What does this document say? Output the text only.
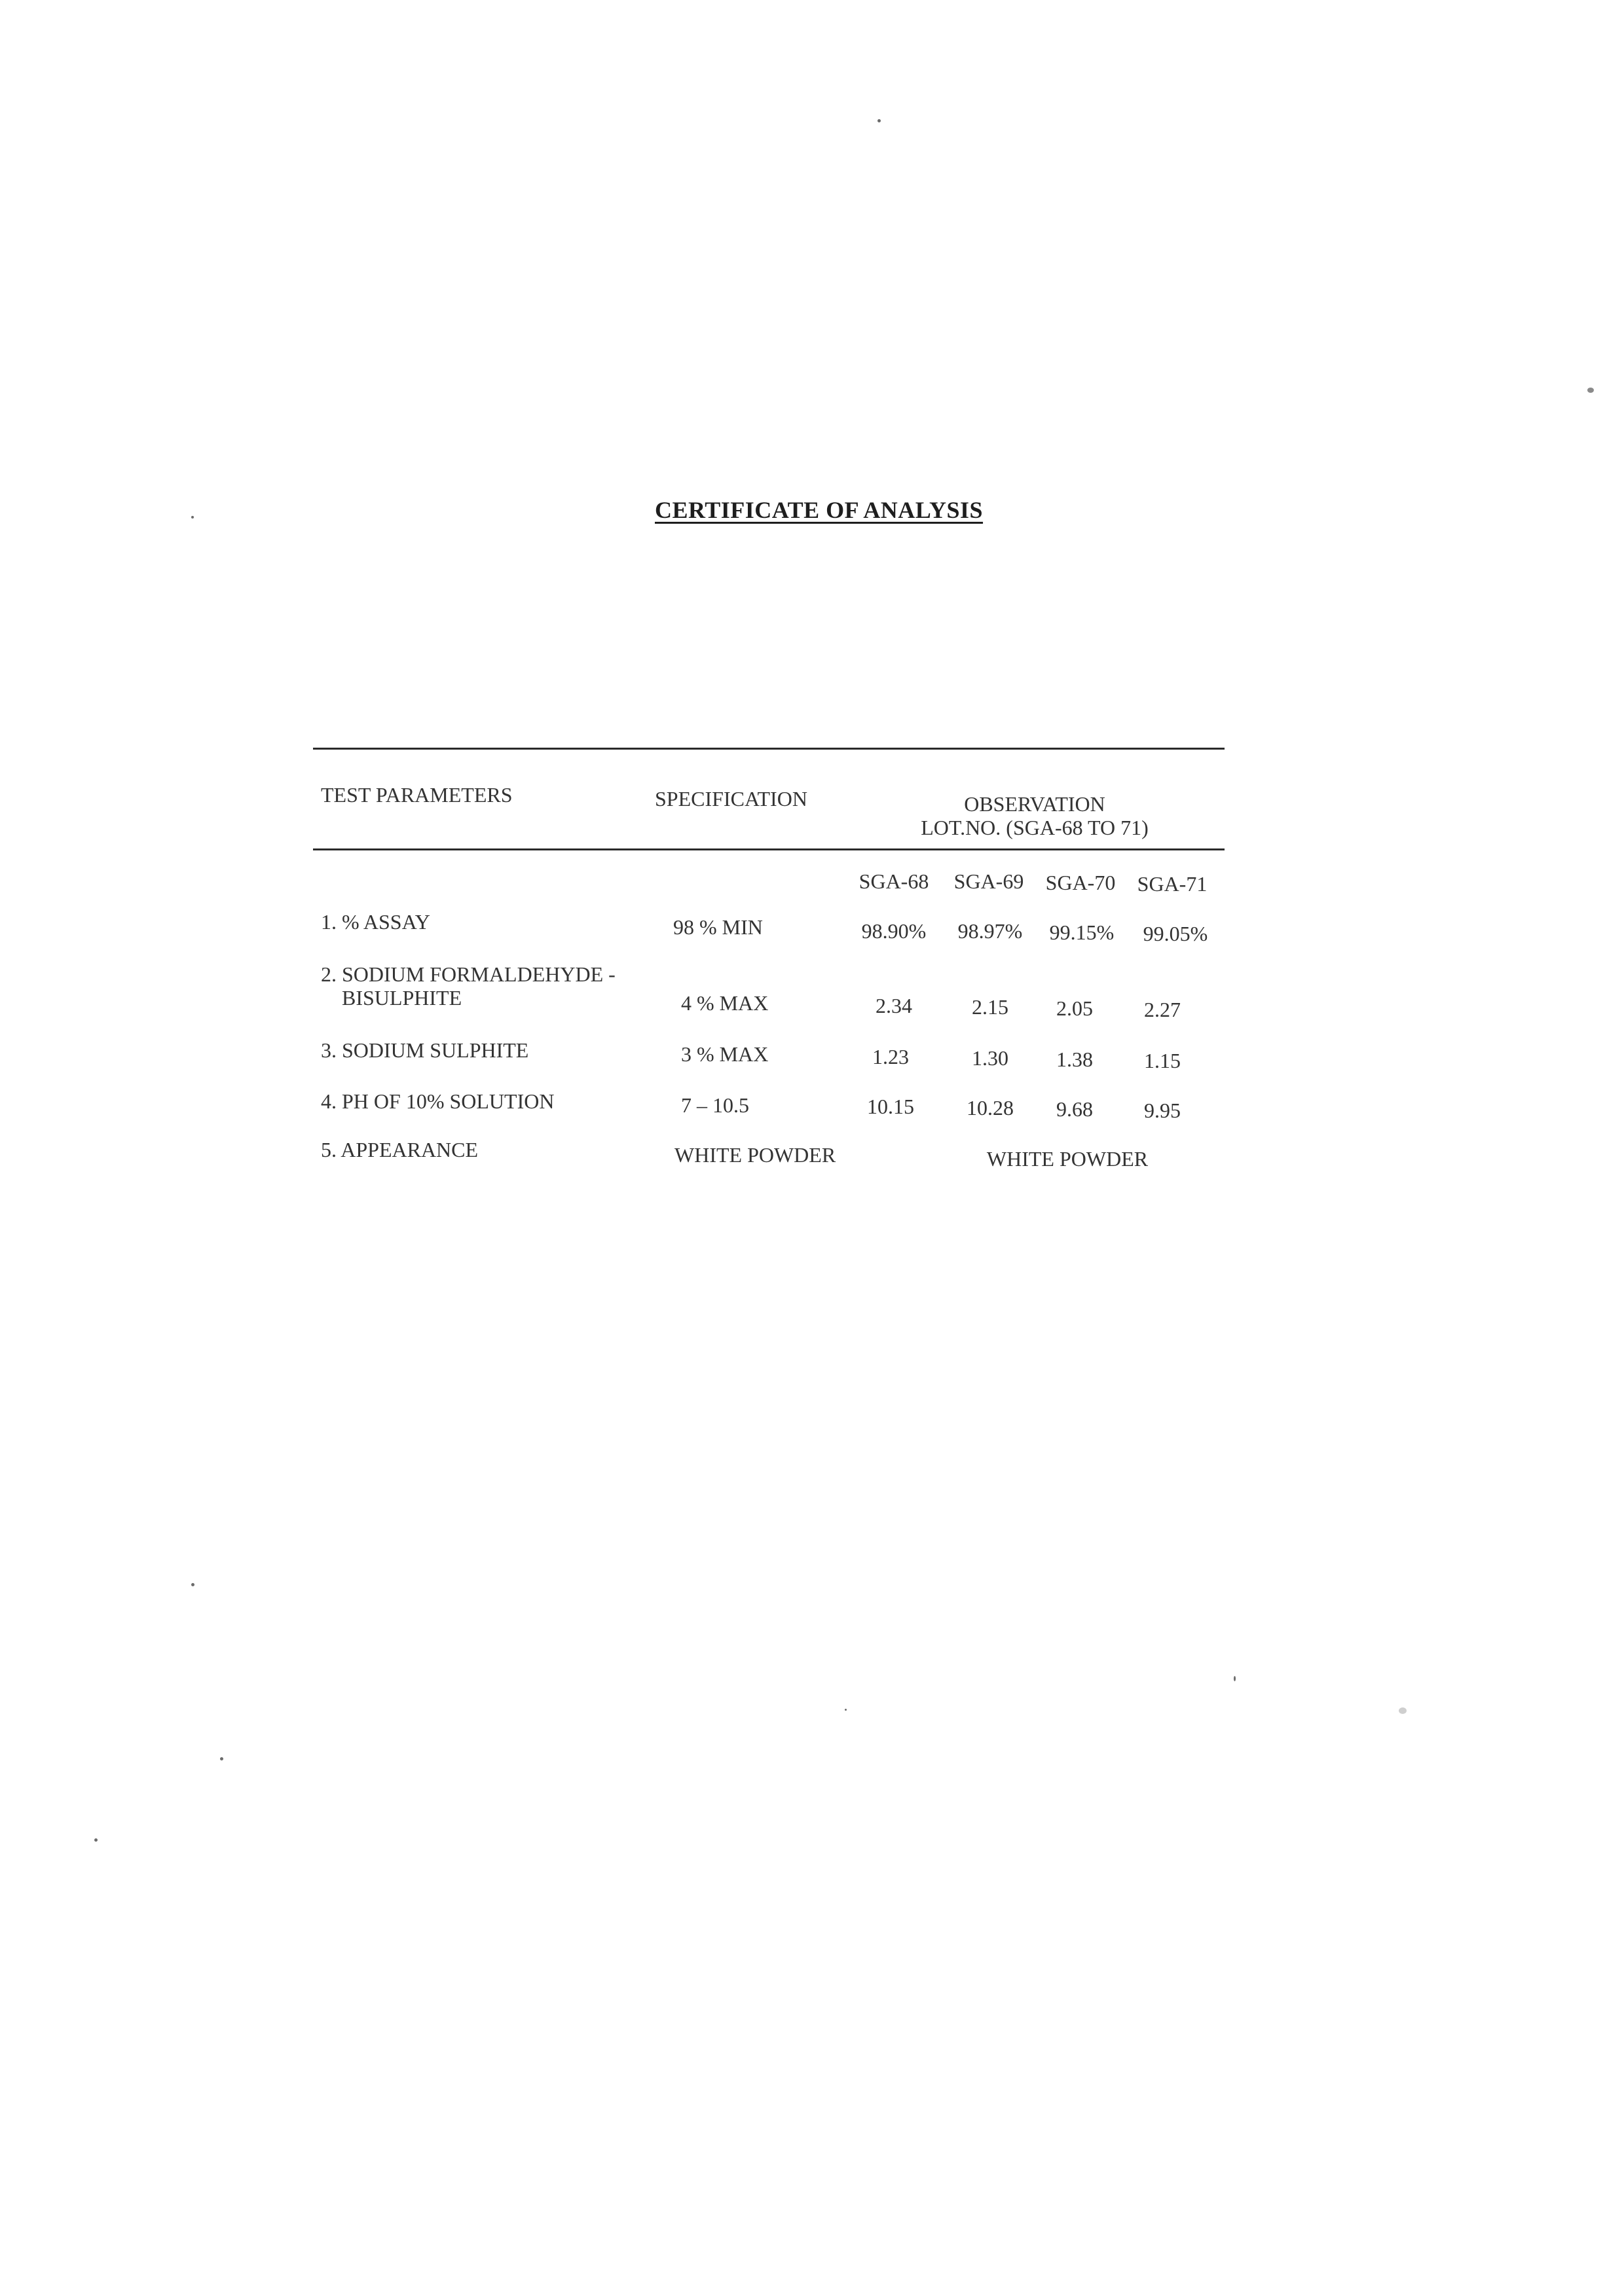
CERTIFICATE OF ANALYSIS
TEST PARAMETERS	SPECIFICATION	OBSERVATION
LOT.NO. (SGA-68 TO 71)
SGA-68	SGA-69	SGA-70	SGA-71
1. % ASSAY	98 % MIN	98.90%	98.97%	99.15%	99.05%
2. SODIUM FORMALDEHYDE -
BISULPHITE	4 % MAX	2.34	2.15	2.05	2.27
3. SODIUM SULPHITE	3 % MAX	1.23	1.30	1.38	1.15
4. PH OF 10% SOLUTION	7 – 10.5	10.15	10.28	9.68	9.95
5. APPEARANCE	WHITE POWDER	WHITE POWDER
